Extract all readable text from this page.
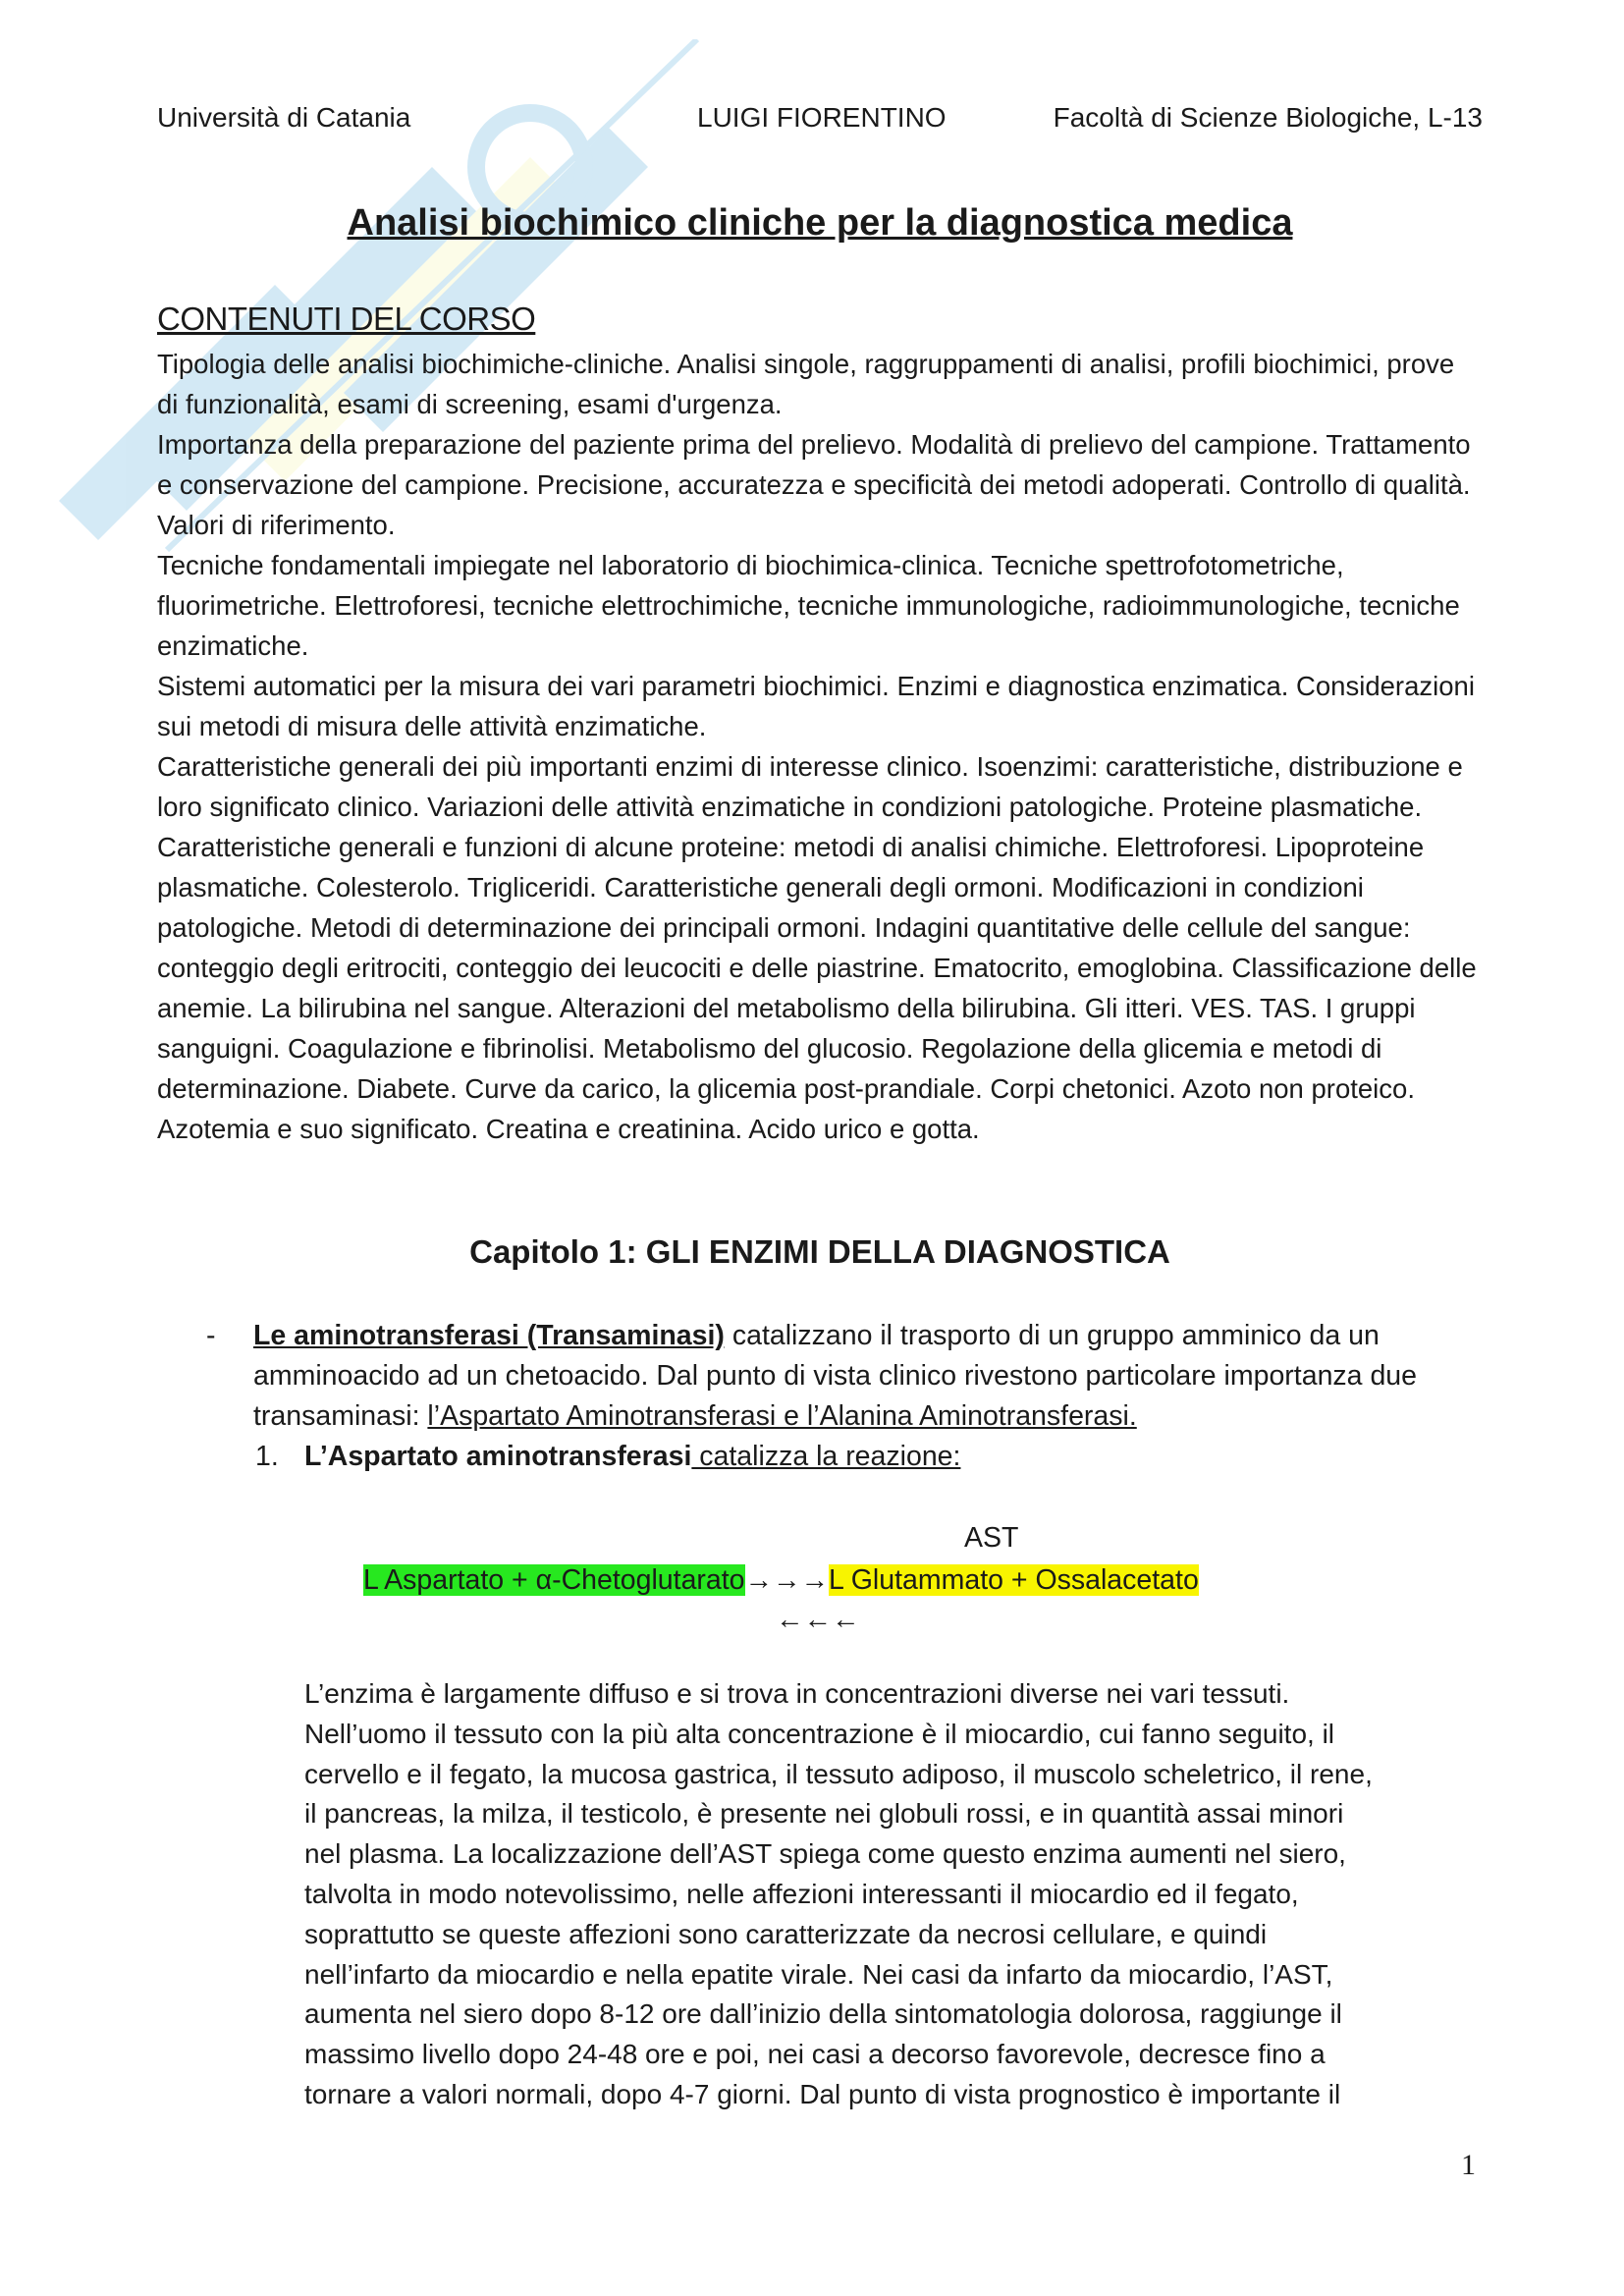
Università di Catania	LUIGI FIORENTINO	Facoltà di Scienze Biologiche, L-13
Analisi biochimico cliniche per la diagnostica medica
CONTENUTI DEL CORSO

Tipologia delle analisi biochimiche-cliniche. Analisi singole, raggruppamenti di analisi, profili biochimici, prove di funzionalità, esami di screening, esami d'urgenza.

Importanza della preparazione del paziente prima del prelievo. Modalità di prelievo del campione. Trattamento e conservazione del campione. Precisione, accuratezza e specificità dei metodi adoperati. Controllo di qualità. Valori di riferimento.

Tecniche fondamentali impiegate nel laboratorio di biochimica-clinica. Tecniche spettrofotometriche, fluorimetriche. Elettroforesi, tecniche elettrochimiche, tecniche immunologiche, radioimmunologiche, tecniche enzimatiche.

Sistemi automatici per la misura dei vari parametri biochimici. Enzimi e diagnostica enzimatica. Considerazioni sui metodi di misura delle attività enzimatiche.

Caratteristiche generali dei più importanti enzimi di interesse clinico. Isoenzimi: caratteristiche, distribuzione e loro significato clinico. Variazioni delle attività enzimatiche in condizioni patologiche. Proteine plasmatiche. Caratteristiche generali e funzioni di alcune proteine: metodi di analisi chimiche. Elettroforesi. Lipoproteine plasmatiche. Colesterolo. Trigliceridi. Caratteristiche generali degli ormoni. Modificazioni in condizioni patologiche. Metodi di determinazione dei principali ormoni. Indagini quantitative delle cellule del sangue: conteggio degli eritrociti, conteggio dei leucociti e delle piastrine. Ematocrito, emoglobina. Classificazione delle anemie. La bilirubina nel sangue. Alterazioni del metabolismo della bilirubina. Gli itteri. VES. TAS. I gruppi sanguigni. Coagulazione e fibrinolisi. Metabolismo del glucosio. Regolazione della glicemia e metodi di determinazione. Diabete. Curve da carico, la glicemia post-prandiale. Corpi chetonici. Azoto non proteico. Azotemia e suo significato. Creatina e creatinina. Acido urico e gotta.

Capitolo 1: GLI ENZIMI DELLA DIAGNOSTICA
- Le aminotransferasi (Transaminasi) catalizzano il trasporto di un gruppo amminico da un amminoacido ad un chetoacido. Dal punto di vista clinico rivestono particolare importanza due transaminasi: l’Aspartato Aminotransferasi e l’Alanina Aminotransferasi.
1. L’Aspartato aminotransferasi catalizza la reazione:
AST
L Aspartato + α-Chetoglutarato→→→L Glutammato + Ossalacetato
←←←

L’enzima è largamente diffuso e si trova in concentrazioni diverse nei vari tessuti.

Nell’uomo il tessuto con la più alta concentrazione è il miocardio, cui fanno seguito, il

cervello e il fegato, la mucosa gastrica, il tessuto adiposo, il muscolo scheletrico, il rene,

il pancreas, la milza, il testicolo, è presente nei globuli rossi, e in quantità assai minori

nel plasma. La localizzazione dell’AST spiega come questo enzima aumenti nel siero,

talvolta in modo notevolissimo, nelle affezioni interessanti il miocardio ed il fegato,

soprattutto se queste affezioni sono caratterizzate da necrosi cellulare, e quindi

nell’infarto da miocardio e nella epatite virale. Nei casi da infarto da miocardio, l’AST,

aumenta nel siero dopo 8-12 ore dall’inizio della sintomatologia dolorosa, raggiunge il

massimo livello dopo 24-48 ore e poi, nei casi a decorso favorevole, decresce fino a

tornare a valori normali, dopo 4-7 giorni. Dal punto di vista prognostico è importante il

1
